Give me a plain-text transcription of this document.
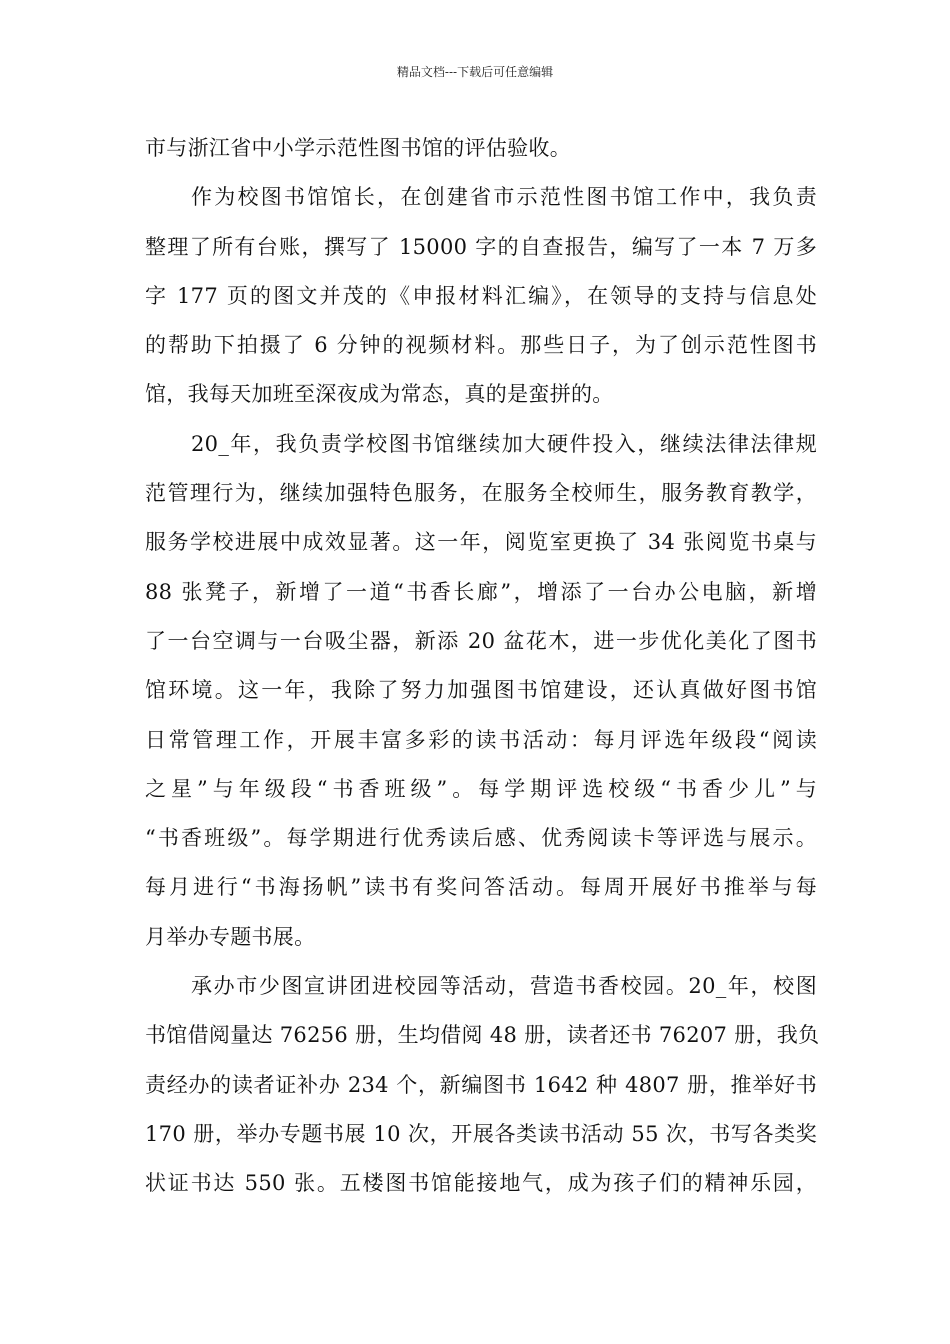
精品文档---下载后可任意编辑
市与浙江省中小学示范性图书馆的评估验收。
作为校图书馆馆长，在创建省市示范性图书馆工作中，我负责
整理了所有台账，撰写了 15000 字的自查报告，编写了一本 7 万多
字 177 页的图文并茂的《申报材料汇编》，在领导的支持与信息处
的帮助下拍摄了 6 分钟的视频材料。那些日子，为了创示范性图书
馆，我每天加班至深夜成为常态，真的是蛮拼的。
20_年，我负责学校图书馆继续加大硬件投入，继续法律法律规
范管理行为，继续加强特色服务，在服务全校师生，服务教育教学，
服务学校进展中成效显著。这一年，阅览室更换了 34 张阅览书桌与
88 张凳子，新增了一道“书香长廊”，增添了一台办公电脑，新增
了一台空调与一台吸尘器，新添 20 盆花木，进一步优化美化了图书
馆环境。这一年，我除了努力加强图书馆建设，还认真做好图书馆
日常管理工作，开展丰富多彩的读书活动：每月评选年级段“阅读
之星”与年级段“书香班级”。每学期评选校级“书香少儿”与
“书香班级”。每学期进行优秀读后感、优秀阅读卡等评选与展示。
每月进行“书海扬帆”读书有奖问答活动。每周开展好书推举与每
月举办专题书展。
承办市少图宣讲团进校园等活动，营造书香校园。20_年，校图
书馆借阅量达 76256 册，生均借阅 48 册，读者还书 76207 册，我负
责经办的读者证补办 234 个，新编图书 1642 种 4807 册，推举好书
170 册，举办专题书展 10 次，开展各类读书活动 55 次，书写各类奖
状证书达 550 张。五楼图书馆能接地气，成为孩子们的精神乐园，
